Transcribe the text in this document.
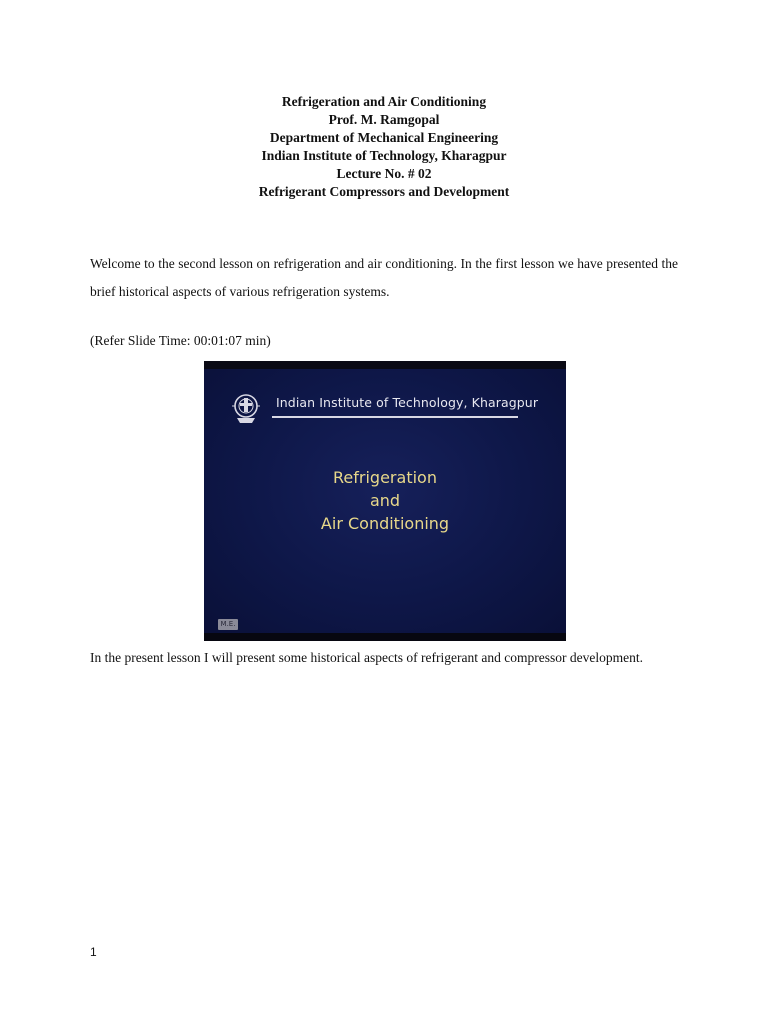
Refrigeration and Air Conditioning

Prof. M. Ramgopal

Department of Mechanical Engineering

Indian Institute of Technology, Kharagpur

Lecture No. # 02

Refrigerant Compressors and Development

Welcome to the second lesson on refrigeration and air conditioning. In the first lesson we have presented the brief historical aspects of various refrigeration systems.

(Refer Slide Time: 00:01:07 min)

Indian Institute of Technology, Kharagpur
Refrigeration
and
Air Conditioning
M.E.

In the present lesson I will present some historical aspects of refrigerant and compressor development.

1
